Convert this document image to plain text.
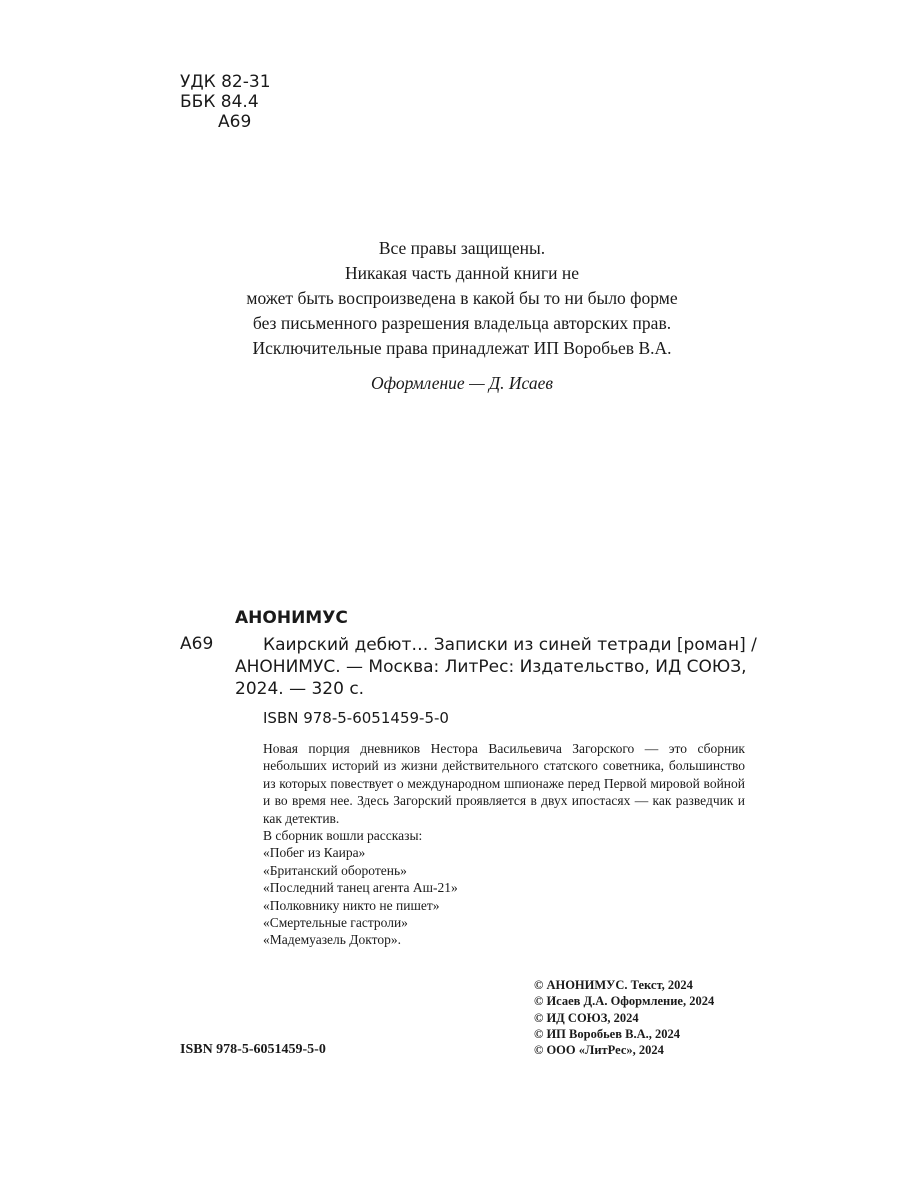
УДК 82-31
ББК 84.4
А69
Все правы защищены.
Никакая часть данной книги не
может быть воспроизведена в какой бы то ни было форме
без письменного разрешения владельца авторских прав.
Исключительные права принадлежат ИП Воробьев В.А.
Оформление — Д. Исаев
АНОНИМУС
А69	Каирский дебют… Записки из синей тетради [роман] /
АНОНИМУС. — Москва: ЛитРес: Издательство, ИД СОЮЗ,
2024. — 320 с.
ISBN 978-5-6051459-5-0

Новая порция дневников Нестора Васильевича Загорского — это сборник небольших историй из жизни действительного статского советника, большинство из которых повествует о международном шпионаже перед Первой мировой войной и во время нее. Здесь Загорский проявляется в двух ипостасях — как разведчик и как детектив.

В сборник вошли рассказы:
«Побег из Каира»
«Британский оборотень»
«Последний танец агента Аш-21»
«Полковнику никто не пишет»
«Смертельные гастроли»
«Мадемуазель Доктор».
© АНОНИМУС. Текст, 2024
© Исаев Д.А. Оформление, 2024
© ИД СОЮЗ, 2024
© ИП Воробьев В.А., 2024
© ООО «ЛитРес», 2024
ISBN 978-5-6051459-5-0
